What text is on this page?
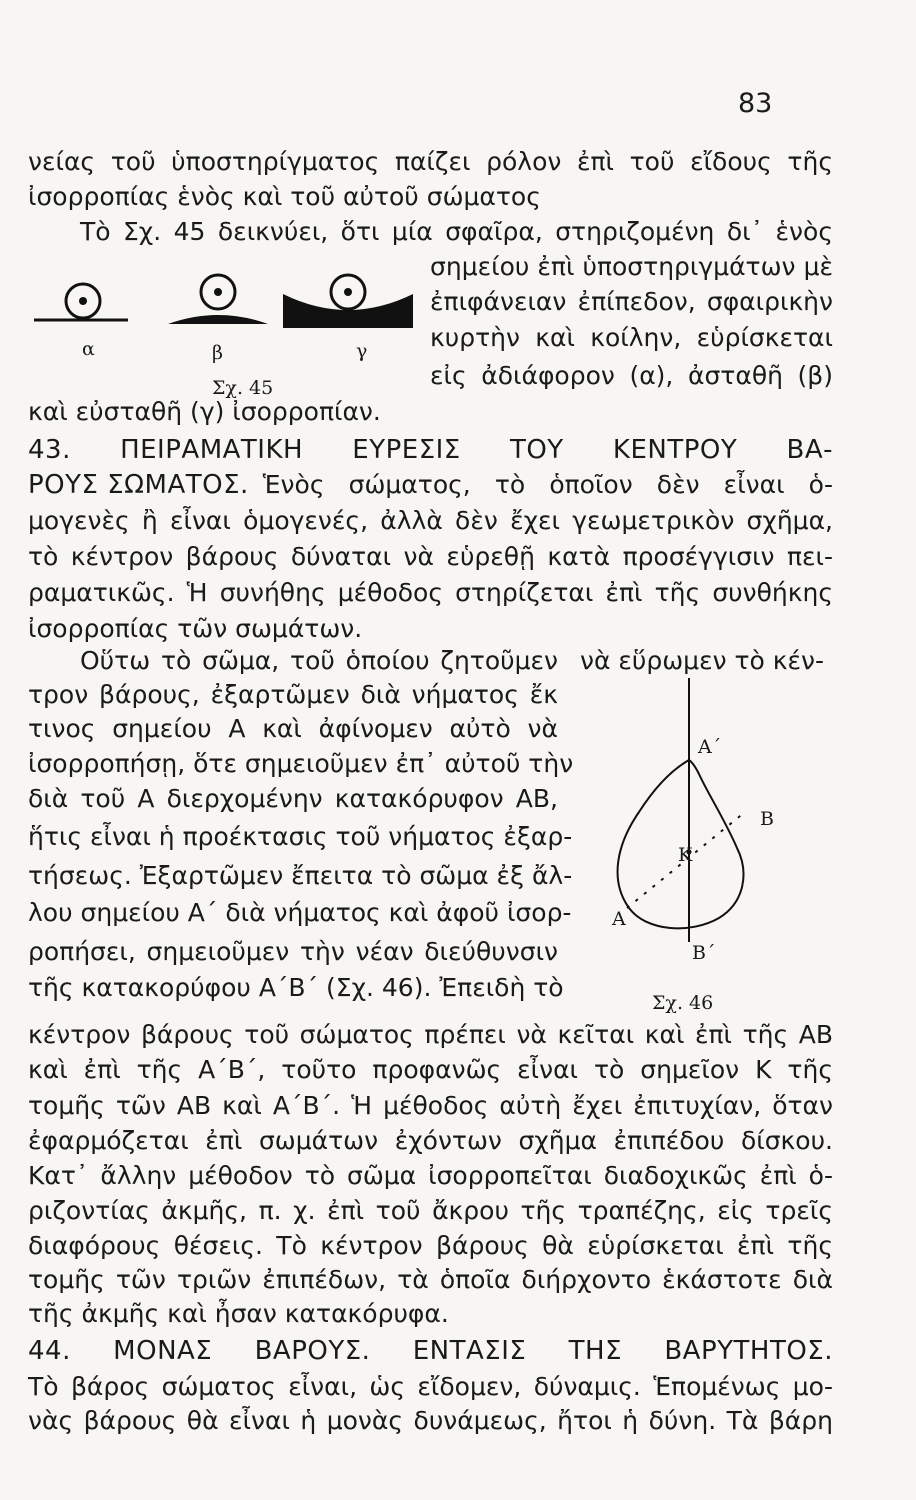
83
νείας τοῦ ὑποστηρίγματος παίζει ρόλον ἐπὶ τοῦ εἴδους τῆς
ἰσορροπίας ἑνὸς καὶ τοῦ αὐτοῦ σώματος
Τὸ Σχ. 45 δεικνύει, ὅτι μία σφαῖρα, στηριζομένη δι᾽ ἑνὸς
α	β	γ
Σχ. 45
σημείου ἐπὶ ὑποστηριγμάτων μὲ
ἐπιφάνειαν ἐπίπεδον, σφαιρικὴν
κυρτὴν καὶ κοίλην, εὑρίσκεται
εἰς ἀδιάφορον (α), ἀσταθῆ (β)
καὶ εὐσταθῆ (γ) ἰσορροπίαν.
43. ΠΕΙΡΑΜΑΤΙΚΗ ΕΥΡΕΣΙΣ ΤΟΥ ΚΕΝΤΡΟΥ ΒΑ-
ΡΟΥΣ ΣΩΜΑΤΟΣ. Ἑνὸς σώματος, τὸ ὁποῖον δὲν εἶναι ὁ-
μογενὲς ἢ εἶναι ὁμογενές, ἀλλὰ δὲν ἔχει γεωμετρικὸν σχῆμα,
τὸ κέντρον βάρους δύναται νὰ εὑρεθῇ κατὰ προσέγγισιν πει-
ραματικῶς. Ἡ συνήθης μέθοδος στηρίζεται ἐπὶ τῆς συνθήκης
ἰσορροπίας τῶν σωμάτων.
Οὕτω τὸ σῶμα, τοῦ ὁποίου ζητοῦμεν νὰ εὕρωμεν τὸ κέν-
τρον βάρους, ἐξαρτῶμεν διὰ νήματος ἔκ
τινος σημείου Α καὶ ἀφίνομεν αὐτὸ νὰ
ἰσορροπήσῃ, ὅτε σημειοῦμεν ἐπ᾽ αὐτοῦ τὴν
διὰ τοῦ Α διερχομένην κατακόρυφον ΑΒ,
ἥτις εἶναι ἡ προέκτασις τοῦ νήματος ἐξαρ-
τήσεως. Ἐξαρτῶμεν ἔπειτα τὸ σῶμα ἐξ ἄλ-
λου σημείου Α΄ διὰ νήματος καὶ ἀφοῦ ἰσορ-
ροπήσει, σημειοῦμεν τὴν νέαν διεύθυνσιν
τῆς κατακορύφου Α΄Β΄ (Σχ. 46). Ἐπειδὴ τὸ
Α΄
Β
Κ
Α
Β΄
Σχ. 46
κέντρον βάρους τοῦ σώματος πρέπει νὰ κεῖται καὶ ἐπὶ τῆς ΑΒ
καὶ ἐπὶ τῆς Α΄Β΄, τοῦτο προφανῶς εἶναι τὸ σημεῖον Κ τῆς
τομῆς τῶν ΑΒ καὶ Α΄Β΄. Ἡ μέθοδος αὐτὴ ἔχει ἐπιτυχίαν, ὅταν
ἐφαρμόζεται ἐπὶ σωμάτων ἐχόντων σχῆμα ἐπιπέδου δίσκου.
Κατ᾽ ἄλλην μέθοδον τὸ σῶμα ἰσορροπεῖται διαδοχικῶς ἐπὶ ὁ-
ριζοντίας ἀκμῆς, π. χ. ἐπὶ τοῦ ἄκρου τῆς τραπέζης, εἰς τρεῖς
διαφόρους θέσεις. Τὸ κέντρον βάρους θὰ εὑρίσκεται ἐπὶ τῆς
τομῆς τῶν τριῶν ἐπιπέδων, τὰ ὁποῖα διήρχοντο ἑκάστοτε διὰ
τῆς ἀκμῆς καὶ ἦσαν κατακόρυφα.
44. ΜΟΝΑΣ ΒΑΡΟΥΣ. ΕΝΤΑΣΙΣ ΤΗΣ ΒΑΡΥΤΗΤΟΣ.
Τὸ βάρος σώματος εἶναι, ὡς εἴδομεν, δύναμις. Ἑπομένως μο-
νὰς βάρους θὰ εἶναι ἡ μονὰς δυνάμεως, ἤτοι ἡ δύνη. Τὰ βάρη
